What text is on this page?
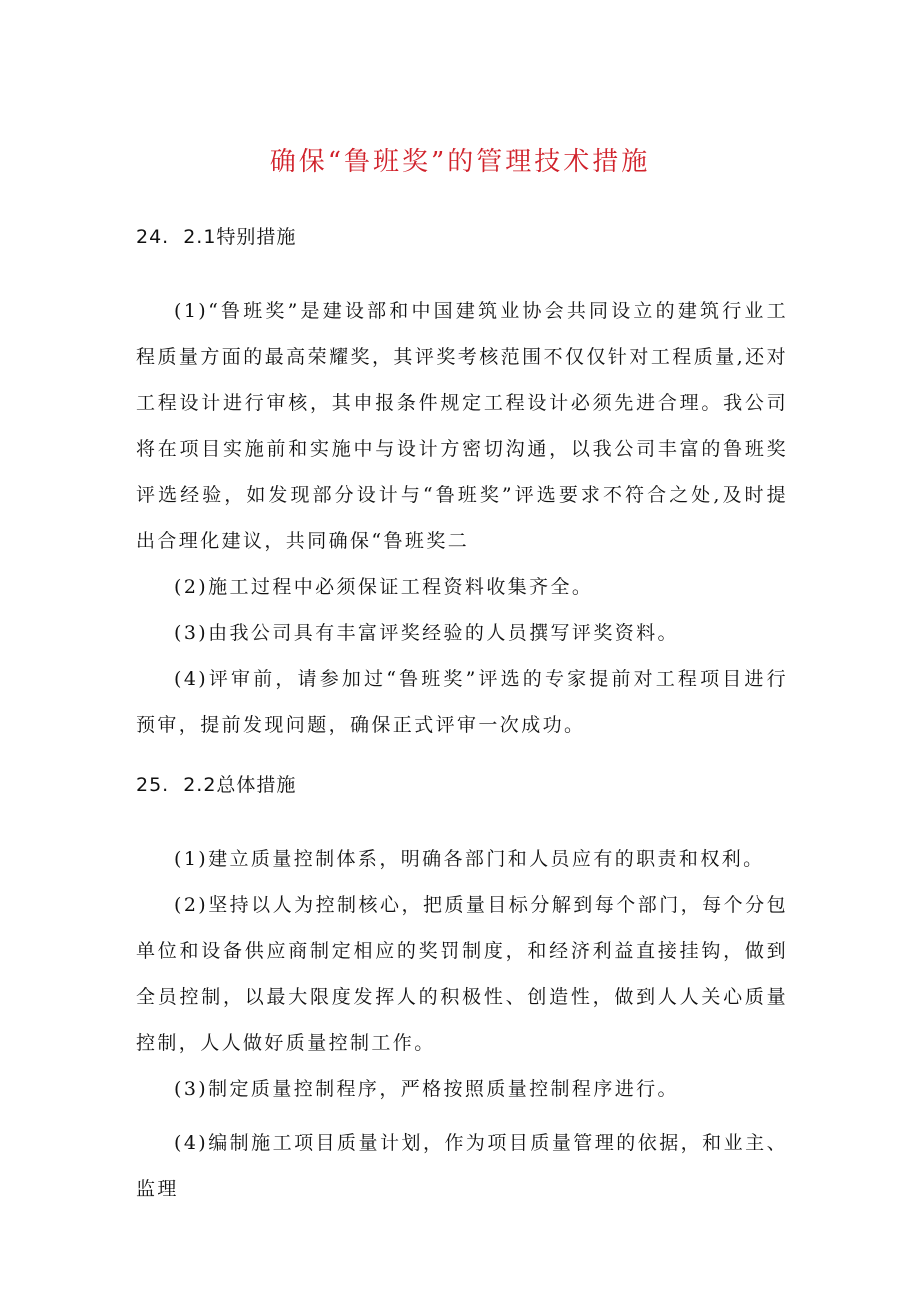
确保“鲁班奖”的管理技术措施
24. 2.1特别措施
(1)“鲁班奖”是建设部和中国建筑业协会共同设立的建筑行业工程质量方面的最高荣耀奖，其评奖考核范围不仅仅针对工程质量,还对工程设计进行审核，其申报条件规定工程设计必须先进合理。我公司将在项目实施前和实施中与设计方密切沟通，以我公司丰富的鲁班奖评选经验，如发现部分设计与“鲁班奖”评选要求不符合之处,及时提出合理化建议，共同确保“鲁班奖二
(2)施工过程中必须保证工程资料收集齐全。
(3)由我公司具有丰富评奖经验的人员撰写评奖资料。
(4)评审前，请参加过“鲁班奖”评选的专家提前对工程项目进行预审，提前发现问题，确保正式评审一次成功。
25. 2.2总体措施
(1)建立质量控制体系，明确各部门和人员应有的职责和权利。
(2)坚持以人为控制核心，把质量目标分解到每个部门，每个分包单位和设备供应商制定相应的奖罚制度，和经济利益直接挂钩，做到全员控制，以最大限度发挥人的积极性、创造性，做到人人关心质量控制，人人做好质量控制工作。
(3)制定质量控制程序，严格按照质量控制程序进行。
(4)编制施工项目质量计划，作为项目质量管理的依据，和业主、监理
